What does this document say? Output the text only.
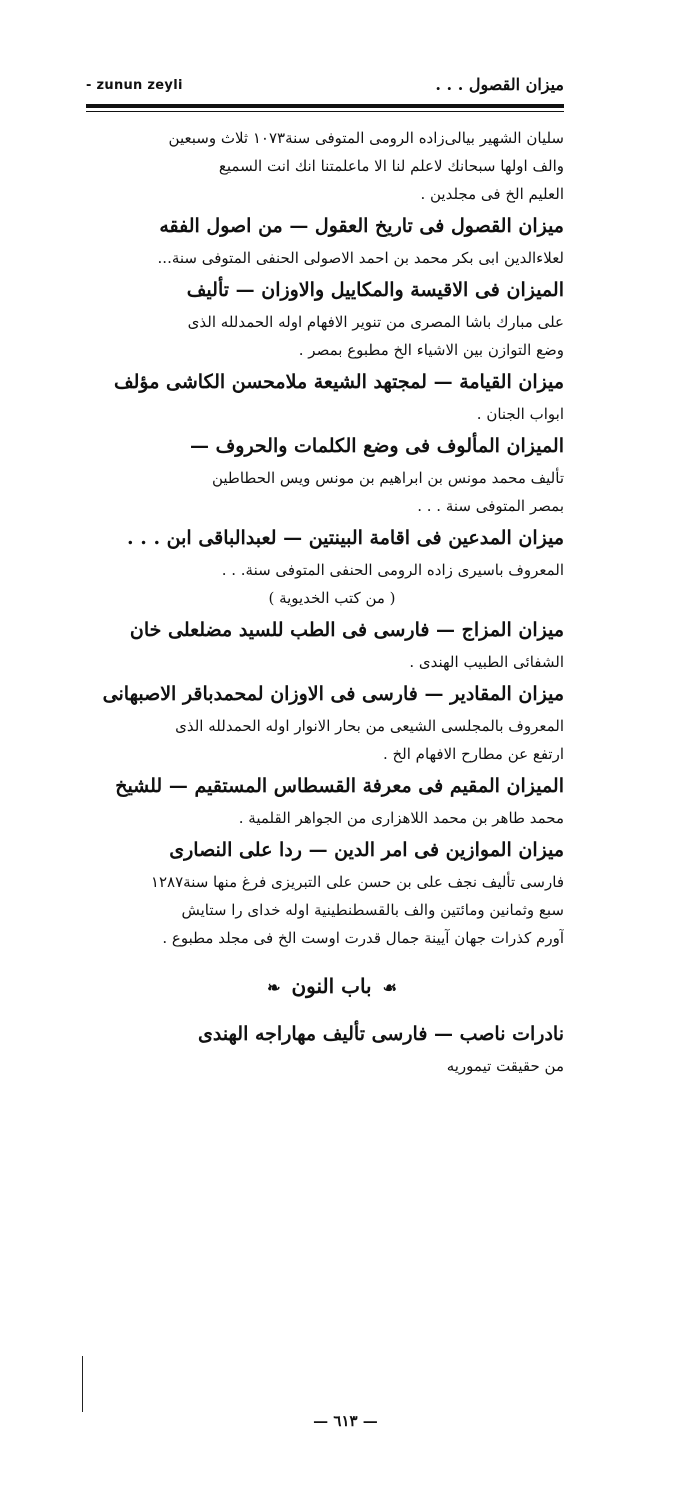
- zunun zeyli	ميزان القصول . . .
سليان الشهير بيالى‌زاده الرومى المتوفى سنة١٠٧٣ ثلاث وسبعين
والف اولها سبحانك لاعلم لنا الا ماعلمتنا انك انت السميع
العليم الخ فى مجلدين .
ميزان القصول فى تاريخ العقول — من اصول الفقه
لعلاءالدين ابى بكر محمد بن احمد الاصولى الحنفى المتوفى سنة...
الميزان فى الاقيسة والمكاييل والاوزان — تأليف
على مبارك باشا المصرى من تنوير الافهام اوله الحمدلله الذى
وضع التوازن بين الاشياء الخ مطبوع بمصر .
ميزان القيامة — لمجتهد الشيعة ملامحسن الكاشى مؤلف
ابواب الجنان .
الميزان المألوف فى وضع الكلمات والحروف —
تأليف محمد مونس بن ابراهيم بن مونس ويس الحطاطين
بمصر المتوفى سنة . . .
ميزان المدعين فى اقامة البينتين — لعبدالباقى ابن . . .
المعروف باسيرى زاده الرومى الحنفى المتوفى سنة. . .
( من كتب الخديوية )
ميزان المزاج — فارسى فى الطب للسيد مضلعلى خان
الشفائى الطبيب الهندى .
ميزان المقادير — فارسى فى الاوزان لمحمدباقر الاصبهانى
المعروف بالمجلسى الشيعى من بحار الانوار اوله الحمدلله الذى
ارتفع عن مطارح الافهام الخ .
الميزان المقيم فى معرفة القسطاس المستقيم — للشيخ
محمد طاهر بن محمد اللاهزارى من الجواهر القلمية .
ميزان الموازين فى امر الدين — ردا على النصارى
فارسى تأليف نجف على بن حسن على التبريزى فرغ منها سنة١٢٨٧
سبع وثمانين ومائتين والف بالقسطنطينية اوله خداى را ستايش
آورم كذرات جهان آيينة جمال قدرت اوست الخ فى مجلد مطبوع .
☙ باب النون ❧
نادرات ناصب — فارسى تأليف مهاراجه الهندى
من حقيقت تيموريه
— ٦١٣ —
